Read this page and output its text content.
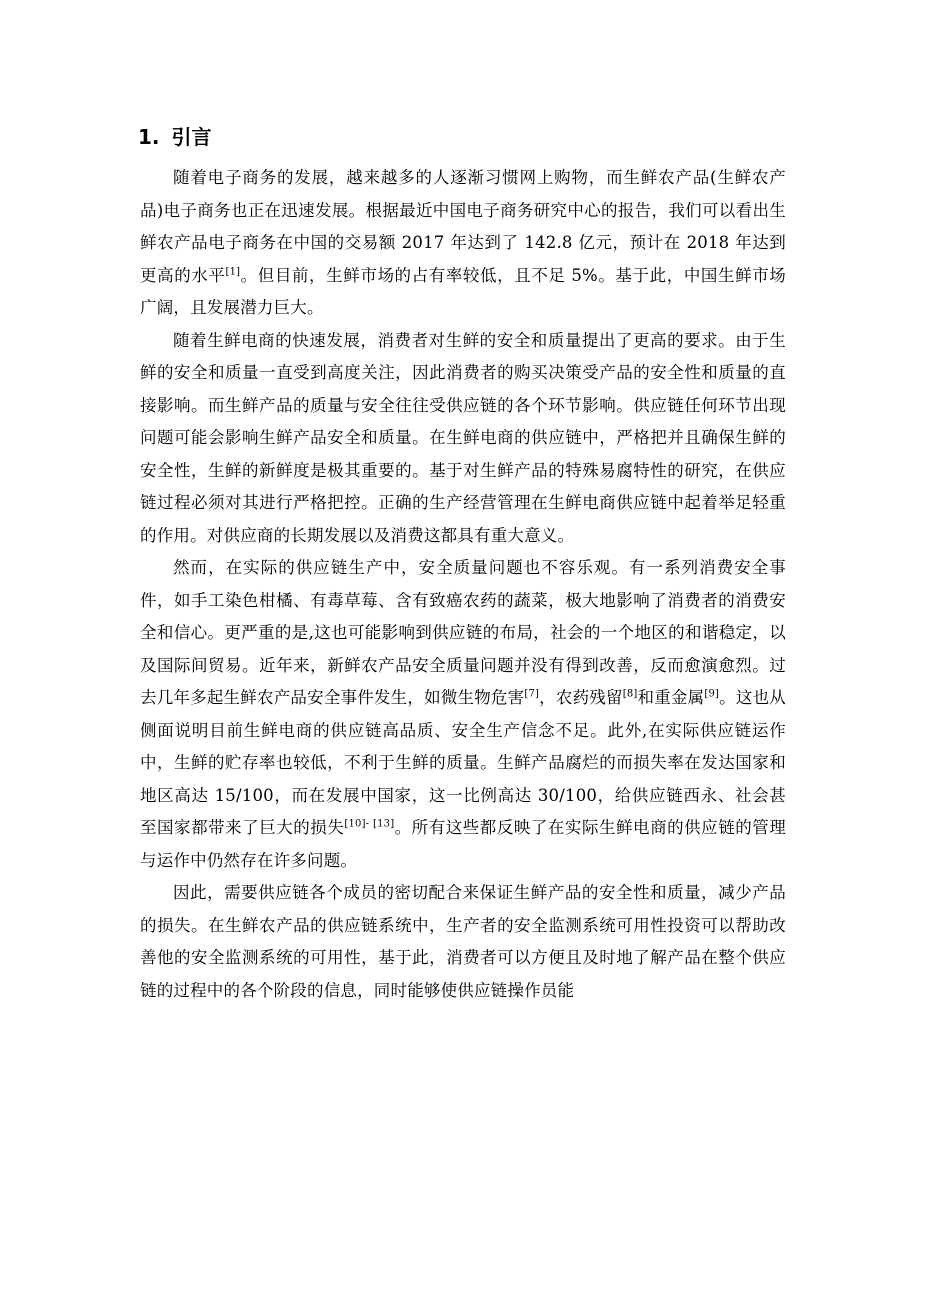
1. 引言

随着电子商务的发展，越来越多的人逐渐习惯网上购物，而生鲜农产品(生鲜农产品)电子商务也正在迅速发展。根据最近中国电子商务研究中心的报告，我们可以看出生鲜农产品电子商务在中国的交易额 2017 年达到了 142.8 亿元，预计在 2018 年达到更高的水平[1]。但目前，生鲜市场的占有率较低，且不足 5%。基于此，中国生鲜市场广阔，且发展潜力巨大。

随着生鲜电商的快速发展，消费者对生鲜的安全和质量提出了更高的要求。由于生鲜的安全和质量一直受到高度关注，因此消费者的购买决策受产品的安全性和质量的直接影响。而生鲜产品的质量与安全往往受供应链的各个环节影响。供应链任何环节出现问题可能会影响生鲜产品安全和质量。在生鲜电商的供应链中，严格把并且确保生鲜的安全性，生鲜的新鲜度是极其重要的。基于对生鲜产品的特殊易腐特性的研究，在供应链过程必须对其进行严格把控。正确的生产经营管理在生鲜电商供应链中起着举足轻重的作用。对供应商的长期发展以及消费这都具有重大意义。

然而，在实际的供应链生产中，安全质量问题也不容乐观。有一系列消费安全事件，如手工染色柑橘、有毒草莓、含有致癌农药的蔬菜，极大地影响了消费者的消费安全和信心。更严重的是,这也可能影响到供应链的布局，社会的一个地区的和谐稳定，以及国际间贸易。近年来，新鲜农产品安全质量问题并没有得到改善，反而愈演愈烈。过去几年多起生鲜农产品安全事件发生，如微生物危害[7]，农药残留[8]和重金属[9]。这也从侧面说明目前生鲜电商的供应链高品质、安全生产信念不足。此外,在实际供应链运作中，生鲜的贮存率也较低，不利于生鲜的质量。生鲜产品腐烂的而损失率在发达国家和地区高达 15/100，而在发展中国家，这一比例高达 30/100，给供应链西永、社会甚至国家都带来了巨大的损失[10]- [13]。所有这些都反映了在实际生鲜电商的供应链的管理与运作中仍然存在许多问题。

因此，需要供应链各个成员的密切配合来保证生鲜产品的安全性和质量，减少产品的损失。在生鲜农产品的供应链系统中，生产者的安全监测系统可用性投资可以帮助改善他的安全监测系统的可用性，基于此，消费者可以方便且及时地了解产品在整个供应链的过程中的各个阶段的信息，同时能够使供应链操作员能
